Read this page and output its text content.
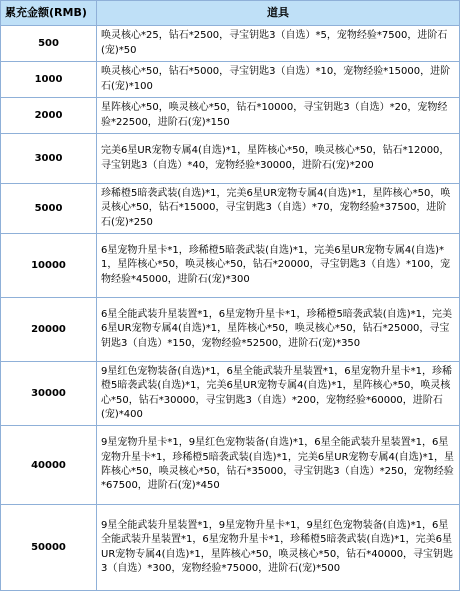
累充金额(RMB)	道具
500	唤灵核心*25，钻石*2500，寻宝钥匙3（自选）*5，宠物经验*7500，进阶石(宠)*50
1000	唤灵核心*50，钻石*5000，寻宝钥匙3（自选）*10，宠物经验*15000，进阶石(宠)*100
2000	星阵核心*50，唤灵核心*50，钻石*10000，寻宝钥匙3（自选）*20，宠物经验*22500，进阶石(宠)*150
3000	完美6星UR宠物专属4(自选)*1，星阵核心*50，唤灵核心*50，钻石*12000，寻宝钥匙3（自选）*40，宠物经验*30000，进阶石(宠)*200
5000	珍稀橙5暗袭武装(自选)*1，完美6星UR宠物专属4(自选)*1，星阵核心*50，唤灵核心*50，钻石*15000，寻宝钥匙3（自选）*70，宠物经验*37500，进阶石(宠)*250
10000	6星宠物升星卡*1，珍稀橙5暗袭武装(自选)*1，完美6星UR宠物专属4(自选)*1，星阵核心*50，唤灵核心*50，钻石*20000，寻宝钥匙3（自选）*100，宠物经验*45000，进阶石(宠)*300
20000	6星全能武装升星装置*1，6星宠物升星卡*1，珍稀橙5暗袭武装(自选)*1，完美6星UR宠物专属4(自选)*1，星阵核心*50，唤灵核心*50，钻石*25000，寻宝钥匙3（自选）*150，宠物经验*52500，进阶石(宠)*350
30000	9星红色宠物装备(自选)*1，6星全能武装升星装置*1，6星宠物升星卡*1，珍稀橙5暗袭武装(自选)*1，完美6星UR宠物专属4(自选)*1，星阵核心*50，唤灵核心*50，钻石*30000，寻宝钥匙3（自选）*200，宠物经验*60000，进阶石(宠)*400
40000	9星宠物升星卡*1，9星红色宠物装备(自选)*1，6星全能武装升星装置*1，6星宠物升星卡*1，珍稀橙5暗袭武装(自选)*1，完美6星UR宠物专属4(自选)*1，星阵核心*50，唤灵核心*50，钻石*35000，寻宝钥匙3（自选）*250，宠物经验*67500，进阶石(宠)*450
50000	9星全能武装升星装置*1，9星宠物升星卡*1，9星红色宠物装备(自选)*1，6星全能武装升星装置*1，6星宠物升星卡*1，珍稀橙5暗袭武装(自选)*1，完美6星UR宠物专属4(自选)*1，星阵核心*50，唤灵核心*50，钻石*40000，寻宝钥匙3（自选）*300，宠物经验*75000，进阶石(宠)*500
